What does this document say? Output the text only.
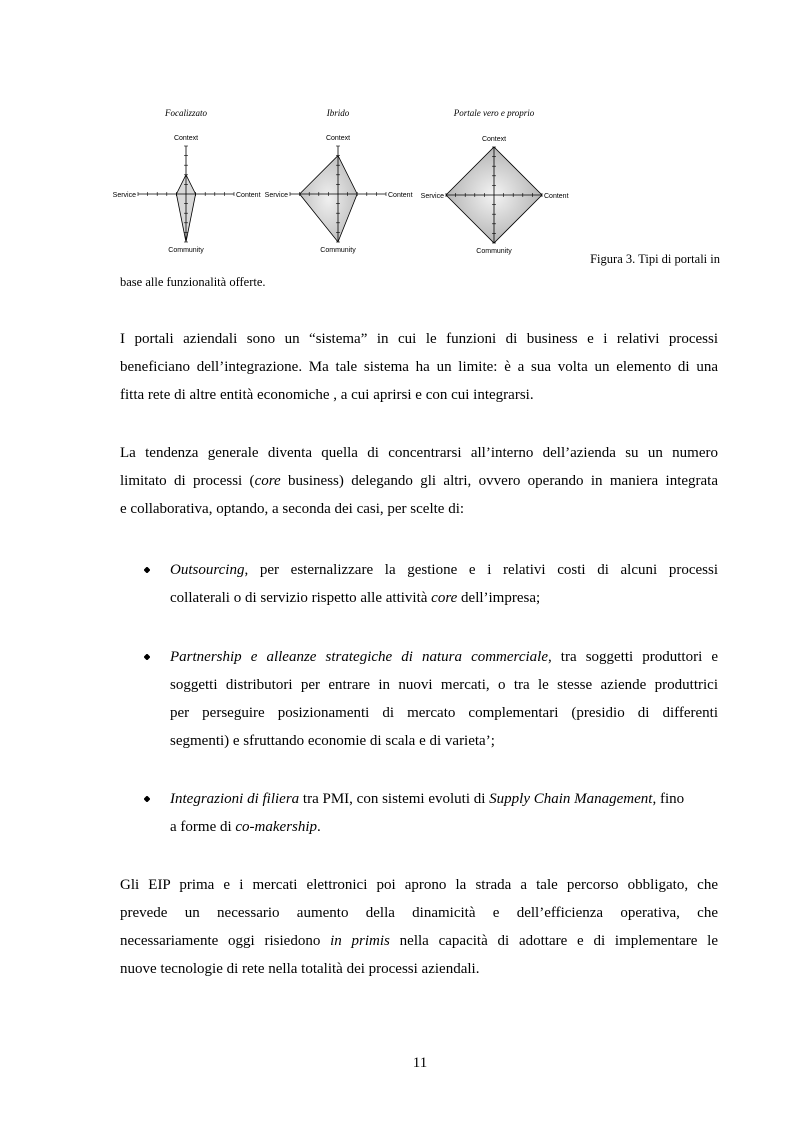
Focalizzato
Context
Content
Community
Service
Ibrido
Context
Content
Community
Service
Portale vero e proprio
Context
Content
Community
Service
Figura 3. Tipi di portali in
base alle funzionalità offerte.
I portali aziendali sono un “sistema” in cui le funzioni di business e i relativi processi
beneficiano dell’integrazione. Ma tale sistema ha un limite: è a sua volta un elemento di una
fitta rete di altre entità economiche , a cui aprirsi e con cui integrarsi.
La tendenza generale diventa quella di concentrarsi all’interno dell’azienda su un numero
limitato di processi (core business) delegando gli altri, ovvero operando in maniera integrata
e collaborativa, optando, a seconda dei casi, per scelte di:
Outsourcing, per esternalizzare la gestione e i relativi costi di alcuni processi
collaterali o di servizio rispetto alle attività core dell’impresa;
Partnership e alleanze strategiche di natura commerciale, tra soggetti produttori e
soggetti distributori per entrare in nuovi mercati, o tra le stesse aziende produttrici
per perseguire posizionamenti di mercato complementari (presidio di differenti
segmenti) e sfruttando economie di scala e di varieta’;
Integrazioni di filiera tra PMI, con sistemi evoluti di Supply Chain Management, fino
a forme di co-makership.
Gli EIP prima e i mercati elettronici poi aprono la strada a tale percorso obbligato, che
prevede un necessario aumento della dinamicità e dell’efficienza operativa, che
necessariamente oggi risiedono in primis nella capacità di adottare e di implementare le
nuove tecnologie di rete nella totalità dei processi aziendali.
11
